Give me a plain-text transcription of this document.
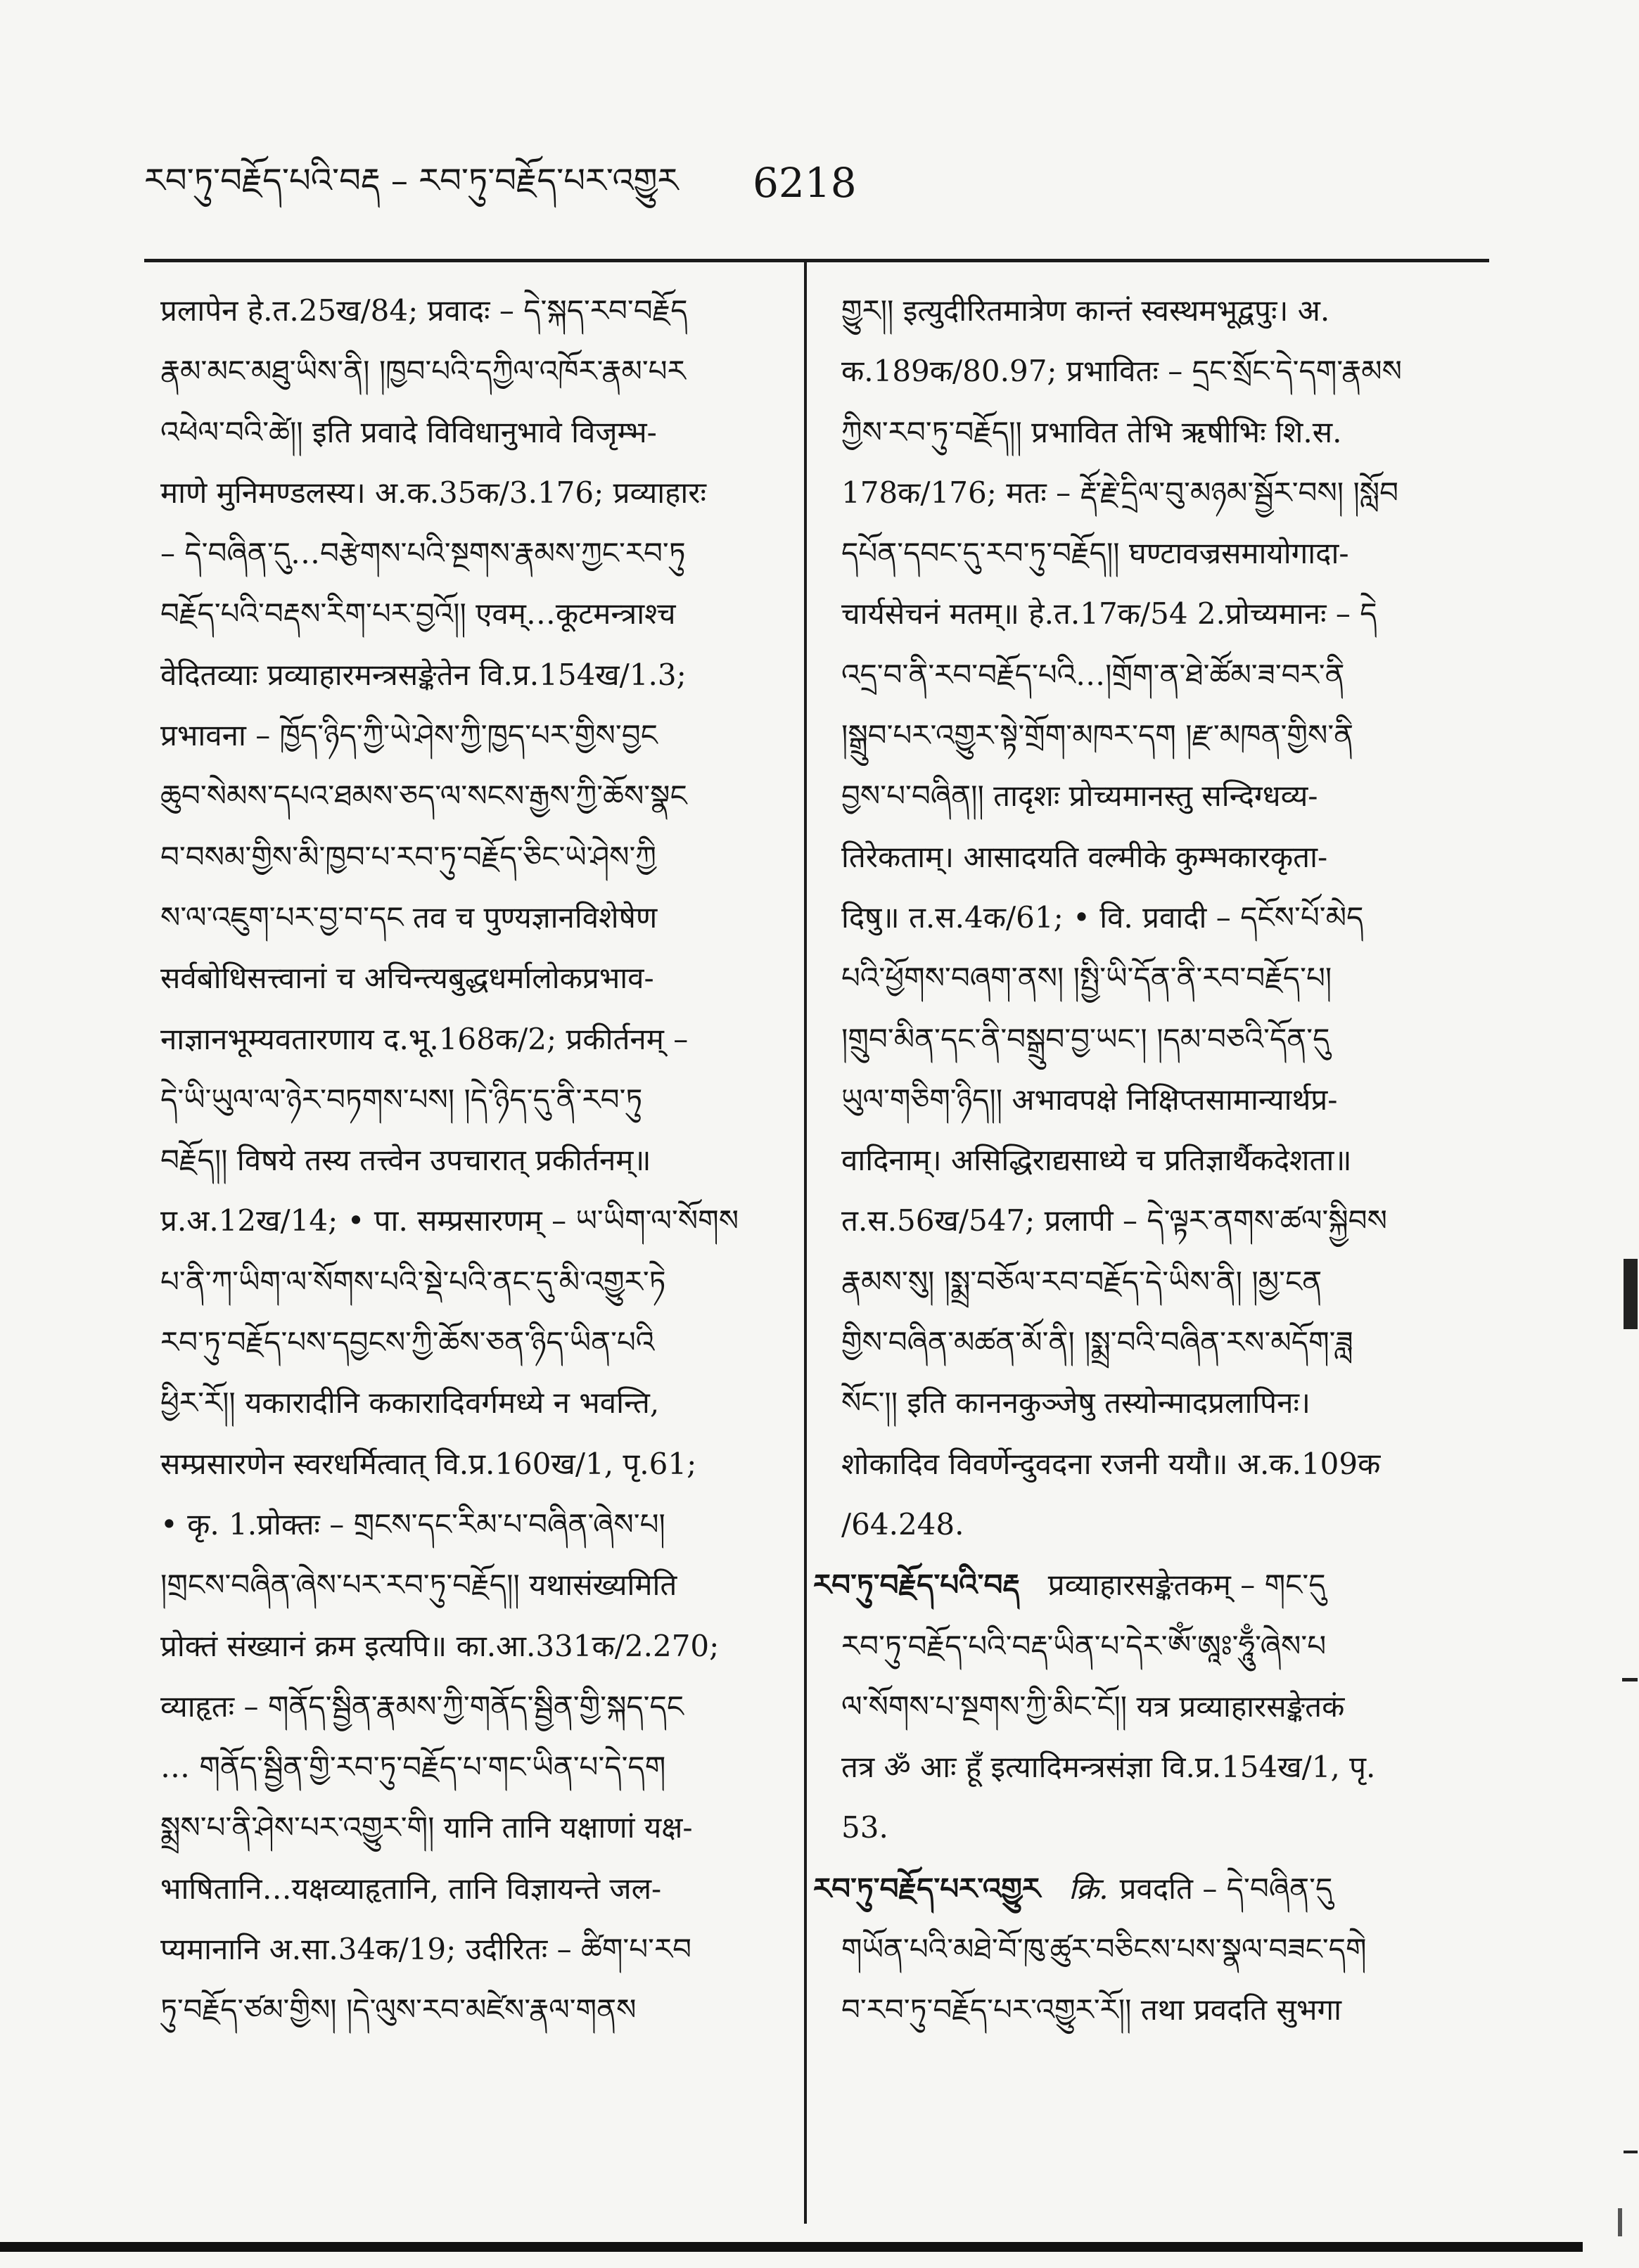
རབ་ཏུ་བརྗོད་པའི་བརྡ – རབ་ཏུ་བརྗོད་པར་འགྱུར	6218
प्रलापेन हे.त.25ख/84; प्रवादः – དེ་སྐད་རབ་བརྗོད
རྣམ་མང་མཐུ་ཡིས་ནི། །ཁྱབ་པའི་དཀྱིལ་འཁོར་རྣམ་པར
འཕེལ་བའི་ཚེ།། इति प्रवादे विविधानुभावे विजृम्भ-
माणे मुनिमण्डलस्य। अ.क.35क/3.176; प्रव्याहारः
– དེ་བཞིན་དུ…བརྩེགས་པའི་སྔགས་རྣམས་ཀྱང་རབ་ཏུ
བརྗོད་པའི་བརྡས་རིག་པར་བྱའོ།། एवम्…कूटमन्त्राश्च
वेदितव्याः प्रव्याहारमन्त्रसङ्केतेन वि.प्र.154ख/1.3;
प्रभावना – ཁྱོད་ཉིད་ཀྱི་ཡེ་ཤེས་ཀྱི་ཁྱད་པར་གྱིས་བྱང
ཆུབ་སེམས་དཔའ་ཐམས་ཅད་ལ་སངས་རྒྱས་ཀྱི་ཆོས་སྣང
བ་བསམ་གྱིས་མི་ཁྱབ་པ་རབ་ཏུ་བརྗོད་ཅིང་ཡེ་ཤེས་ཀྱི
ས་ལ་འཇུག་པར་བྱ་བ་དང तव च पुण्यज्ञानविशेषेण
सर्वबोधिसत्त्वानां च अचिन्त्यबुद्धधर्मालोकप्रभाव-
नाज्ञानभूम्यवतारणाय द.भू.168क/2; प्रकीर्तनम् –
དེ་ཡི་ཡུལ་ལ་ཉེར་བཏགས་པས། །དེ་ཉིད་དུ་ནི་རབ་ཏུ
བརྗོད།། विषये तस्य तत्त्वेन उपचारात् प्रकीर्तनम्॥
प्र.अ.12ख/14; • पा. सम्प्रसारणम् – ཡ་ཡིག་ལ་སོགས
པ་ནི་ཀ་ཡིག་ལ་སོགས་པའི་སྡེ་པའི་ནང་དུ་མི་འགྱུར་ཏེ
རབ་ཏུ་བརྗོད་པས་དབྱངས་ཀྱི་ཆོས་ཅན་ཉིད་ཡིན་པའི
ཕྱིར་རོ།། यकारादीनि ककारादिवर्गमध्ये न भवन्ति,
सम्प्रसारणेन स्वरधर्मित्वात् वि.प्र.160ख/1, पृ.61;
• कृ. 1.प्रोक्तः – གྲངས་དང་རིམ་པ་བཞིན་ཞེས་པ།
།གྲངས་བཞིན་ཞེས་པར་རབ་ཏུ་བརྗོད།། यथासंख्यमिति
प्रोक्तं संख्यानं क्रम इत्यपि॥ का.आ.331क/2.270;
व्याहृतः – གནོད་སྦྱིན་རྣམས་ཀྱི་གནོད་སྦྱིན་གྱི་སྐད་དང
… གནོད་སྦྱིན་གྱི་རབ་ཏུ་བརྗོད་པ་གང་ཡིན་པ་དེ་དག
སྨྲས་པ་ནི་ཤེས་པར་འགྱུར་གི། यानि तानि यक्षाणां यक्ष-
भाषितानि…यक्षव्याहृतानि, तानि विज्ञायन्ते जल-
प्यमानानि अ.सा.34क/19; उदीरितः – ཚིག་པ་རབ
ཏུ་བརྗོད་ཙམ་གྱིས། །དེ་ལུས་རབ་མཛེས་རྣལ་གནས
གྱུར།། इत्युदीरितमात्रेण कान्तं स्वस्थमभूद्वपुः। अ.
क.189क/80.97; प्रभावितः – དྲང་སྲོང་དེ་དག་རྣམས
ཀྱིས་རབ་ཏུ་བརྗོད།། प्रभावित तेभि ऋषीभिः शि.स.
178क/176; मतः – རྡོ་རྗེ་དྲིལ་བུ་མཉམ་སྦྱོར་བས། །སློབ
དཔོན་དབང་དུ་རབ་ཏུ་བརྗོད།། घण्टावज्रसमायोगादा-
चार्यसेचनं मतम्॥ हे.त.17क/54 2.प्रोच्यमानः – དེ
འདྲ་བ་ནི་རབ་བརྗོད་པའི…།གྲོག་ན་ཐེ་ཚོམ་ཟ་བར་ནི
།སྒྲུབ་པར་འགྱུར་སྟེ་གྲོག་མཁར་དག །རྫ་མཁན་གྱིས་ནི
བྱས་པ་བཞིན།། तादृशः प्रोच्यमानस्तु सन्दिग्धव्य-
तिरेकताम्। आसादयति वल्मीके कुम्भकारकृता-
दिषु॥ त.स.4क/61; • वि. प्रवादी – དངོས་པོ་མེད
པའི་ཕྱོགས་བཞག་ནས། །སྤྱི་ཡི་དོན་ནི་རབ་བརྗོད་པ།
།གྲུབ་མིན་དང་ནི་བསྒྲུབ་བྱ་ཡང་། །དམ་བཅའི་དོན་དུ
ཡུལ་གཅིག་ཉིད།། अभावपक्षे निक्षिप्तसामान्यार्थप्र-
वादिनाम्। असिद्धिराद्यसाध्ये च प्रतिज्ञार्थैकदेशता॥
त.स.56ख/547; प्रलापी – དེ་ལྟར་ནགས་ཚལ་སྐྱིབས
རྣམས་སུ། །སྨྲ་བཅོལ་རབ་བརྗོད་དེ་ཡིས་ནི། །མྱ་ངན
གྱིས་བཞིན་མཚན་མོ་ནི། །སྨྲ་བའི་བཞིན་རས་མདོག་ཟླ
སོང་།། इति काननकुञ्जेषु तस्योन्मादप्रलापिनः।
शोकादिव विवर्णेन्दुवदना रजनी ययौ॥ अ.क.109क
/64.248.
རབ་ཏུ་བརྗོད་པའི་བརྡ प्रव्याहारसङ्केतकम् – གང་དུ
རབ་ཏུ་བརྗོད་པའི་བརྡ་ཡིན་པ་དེར་ཨོཾ་ཨཱཿ་ཧཱུྃ་ཞེས་པ
ལ་སོགས་པ་སྔགས་ཀྱི་མིང་ངོ།། यत्र प्रव्याहारसङ्केतकं
तत्र ॐ आः हूँ इत्यादिमन्त्रसंज्ञा वि.प्र.154ख/1, पृ.
53.
རབ་ཏུ་བརྗོད་པར་འགྱུར क्रि. प्रवदति – དེ་བཞིན་དུ
གཡོན་པའི་མཐེ་བོ་ཁུ་ཚུར་བཅིངས་པས་སྣལ་བཟང་དགེ
བ་རབ་ཏུ་བརྗོད་པར་འགྱུར་རོ།། तथा प्रवदति सुभगा
